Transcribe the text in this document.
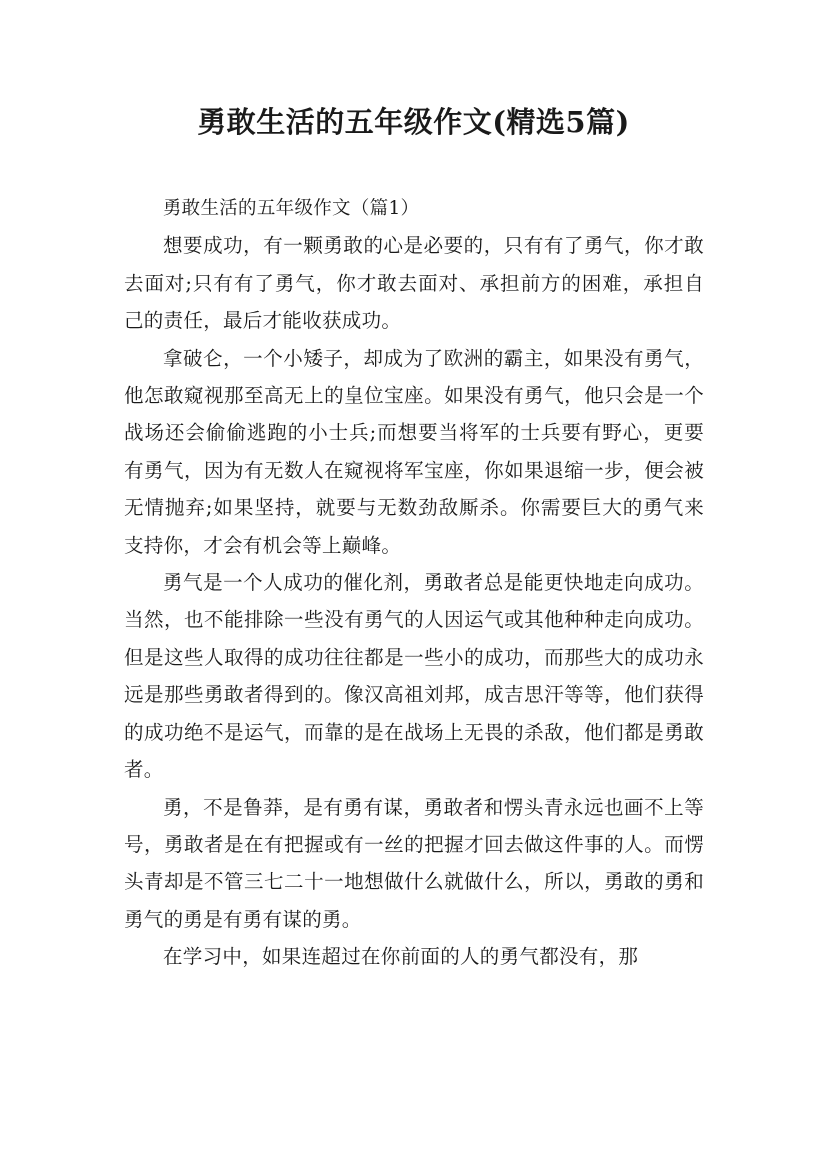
勇敢生活的五年级作文(精选5篇)

勇敢生活的五年级作文（篇1）

想要成功，有一颗勇敢的心是必要的，只有有了勇气，你才敢去面对;只有有了勇气，你才敢去面对、承担前方的困难，承担自己的责任，最后才能收获成功。

拿破仑，一个小矮子，却成为了欧洲的霸主，如果没有勇气，他怎敢窥视那至高无上的皇位宝座。如果没有勇气，他只会是一个战场还会偷偷逃跑的小士兵;而想要当将军的士兵要有野心，更要有勇气，因为有无数人在窥视将军宝座，你如果退缩一步，便会被无情抛弃;如果坚持，就要与无数劲敌厮杀。你需要巨大的勇气来支持你，才会有机会等上巅峰。

勇气是一个人成功的催化剂，勇敢者总是能更快地走向成功。当然，也不能排除一些没有勇气的人因运气或其他种种走向成功。但是这些人取得的成功往往都是一些小的成功，而那些大的成功永远是那些勇敢者得到的。像汉高祖刘邦，成吉思汗等等，他们获得的成功绝不是运气，而靠的是在战场上无畏的杀敌，他们都是勇敢者。

勇，不是鲁莽，是有勇有谋，勇敢者和愣头青永远也画不上等号，勇敢者是在有把握或有一丝的把握才回去做这件事的人。而愣头青却是不管三七二十一地想做什么就做什么，所以，勇敢的勇和勇气的勇是有勇有谋的勇。

在学习中，如果连超过在你前面的人的勇气都没有，那
